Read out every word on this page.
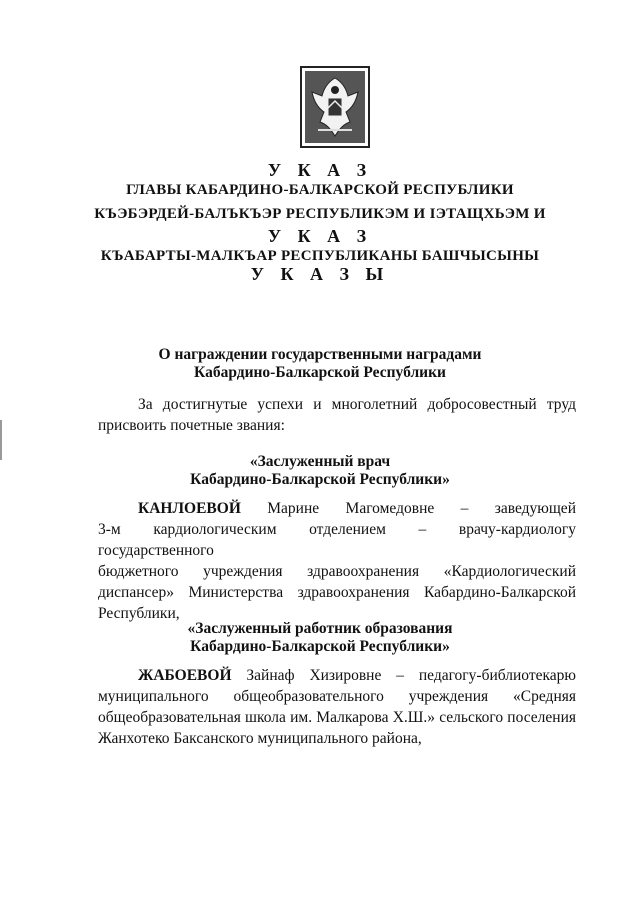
У К А З
ГЛАВЫ КАБАРДИНО-БАЛКАРСКОЙ РЕСПУБЛИКИ
КЪЭБЭРДЕЙ-БАЛЪКЪЭР РЕСПУБЛИКЭМ И ІЭТАЩХЬЭМ И
У К А З
КЪАБАРТЫ-МАЛКЪАР РЕСПУБЛИКАНЫ БАШЧЫСЫНЫ
У К А З Ы
О награждении государственными наградами
Кабардино-Балкарской Республики
За достигнутые успехи и многолетний добросовестный труд
присвоить почетные звания:
«Заслуженный врач
Кабардино-Балкарской Республики»
КАНЛОЕВОЙ Марине Магомедовне – заведующей
3-м кардиологическим отделением – врачу-кардиологу государственного
бюджетного учреждения здравоохранения «Кардиологический
диспансер» Министерства здравоохранения Кабардино-Балкарской
Республики,
«Заслуженный работник образования
Кабардино-Балкарской Республики»
ЖАБОЕВОЙ Зайнаф Хизировне – педагогу-библиотекарю
муниципального общеобразовательного учреждения «Средняя
общеобразовательная школа им. Малкарова Х.Ш.» сельского поселения
Жанхотеко Баксанского муниципального района,
